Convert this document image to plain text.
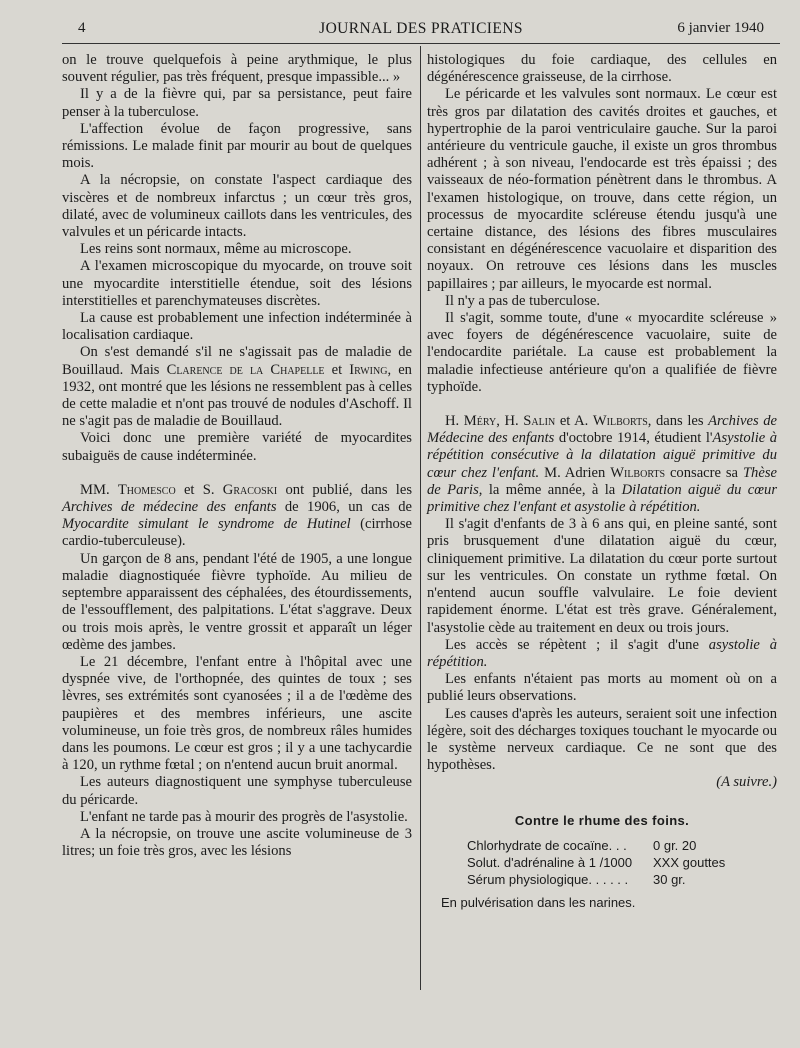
4	JOURNAL DES PRATICIENS	6 janvier 1940

on le trouve quelquefois à peine arythmique, le plus souvent régulier, pas très fréquent, presque impassible... »

Il y a de la fièvre qui, par sa persistance, peut faire penser à la tuberculose.

L'affection évolue de façon progressive, sans rémissions. Le malade finit par mourir au bout de quelques mois.

A la nécropsie, on constate l'aspect cardiaque des viscères et de nombreux infarctus ; un cœur très gros, dilaté, avec de volumineux caillots dans les ventricules, des valvules et un péricarde intacts.

Les reins sont normaux, même au microscope.

A l'examen microscopique du myocarde, on trouve soit une myocardite interstitielle étendue, soit des lésions interstitielles et parenchymateuses discrètes.

La cause est probablement une infection indéterminée à localisation cardiaque.

On s'est demandé s'il ne s'agissait pas de maladie de Bouillaud. Mais Clarence de la Chapelle et Irwing, en 1932, ont montré que les lésions ne ressemblent pas à celles de cette maladie et n'ont pas trouvé de nodules d'Aschoff. Il ne s'agit pas de maladie de Bouillaud.

Voici donc une première variété de myocardites subaiguës de cause indéterminée.

MM. Thomesco et S. Gracoski ont publié, dans les Archives de médecine des enfants de 1906, un cas de Myocardite simulant le syndrome de Hutinel (cirrhose cardio-tuberculeuse).

Un garçon de 8 ans, pendant l'été de 1905, a une longue maladie diagnostiquée fièvre typhoïde. Au milieu de septembre apparaissent des céphalées, des étourdissements, de l'essoufflement, des palpitations. L'état s'aggrave. Deux ou trois mois après, le ventre grossit et apparaît un léger œdème des jambes.

Le 21 décembre, l'enfant entre à l'hôpital avec une dyspnée vive, de l'orthopnée, des quintes de toux ; ses lèvres, ses extrémités sont cyanosées ; il a de l'œdème des paupières et des membres inférieurs, une ascite volumineuse, un foie très gros, de nombreux râles humides dans les poumons. Le cœur est gros ; il y a une tachycardie à 120, un rythme fœtal ; on n'entend aucun bruit anormal.

Les auteurs diagnostiquent une symphyse tuberculeuse du péricarde.

L'enfant ne tarde pas à mourir des progrès de l'asystolie.

A la nécropsie, on trouve une ascite volumineuse de 3 litres; un foie très gros, avec les lésions

histologiques du foie cardiaque, des cellules en dégénérescence graisseuse, de la cirrhose.

Le péricarde et les valvules sont normaux. Le cœur est très gros par dilatation des cavités droites et gauches, et hypertrophie de la paroi ventriculaire gauche. Sur la paroi antérieure du ventricule gauche, il existe un gros thrombus adhérent ; à son niveau, l'endocarde est très épaissi ; des vaisseaux de néo-formation pénètrent dans le thrombus. A l'examen histologique, on trouve, dans cette région, un processus de myocardite scléreuse étendu jusqu'à une certaine distance, des lésions des fibres musculaires consistant en dégénérescence vacuolaire et disparition des noyaux. On retrouve ces lésions dans les muscles papillaires ; par ailleurs, le myocarde est normal.

Il n'y a pas de tuberculose.

Il s'agit, somme toute, d'une « myocardite scléreuse » avec foyers de dégénérescence vacuolaire, suite de l'endocardite pariétale. La cause est probablement la maladie infectieuse antérieure qu'on a qualifiée de fièvre typhoïde.

H. Méry, H. Salin et A. Wilborts, dans les Archives de Médecine des enfants d'octobre 1914, étudient l'Asystolie à répétition consécutive à la dilatation aiguë primitive du cœur chez l'enfant. M. Adrien Wilborts consacre sa Thèse de Paris, la même année, à la Dilatation aiguë du cœur primitive chez l'enfant et asystolie à répétition.

Il s'agit d'enfants de 3 à 6 ans qui, en pleine santé, sont pris brusquement d'une dilatation aiguë du cœur, cliniquement primitive. La dilatation du cœur porte surtout sur les ventricules. On constate un rythme fœtal. On n'entend aucun souffle valvulaire. Le foie devient rapidement énorme. L'état est très grave. Généralement, l'asystolie cède au traitement en deux ou trois jours.

Les accès se répètent ; il s'agit d'une asystolie à répétition.

Les enfants n'étaient pas morts au moment où on a publié leurs observations.

Les causes d'après les auteurs, seraient soit une infection légère, soit des décharges toxiques touchant le myocarde ou le système nerveux cardiaque. Ce ne sont que des hypothèses.

(A suivre.)

Contre le rhume des foins.
Chlorhydrate de cocaïne. . .	0 gr. 20
Solut. d'adrénaline à 1 /1000	XXX gouttes
Sérum physiologique. . . . . .	30 gr.
En pulvérisation dans les narines.
